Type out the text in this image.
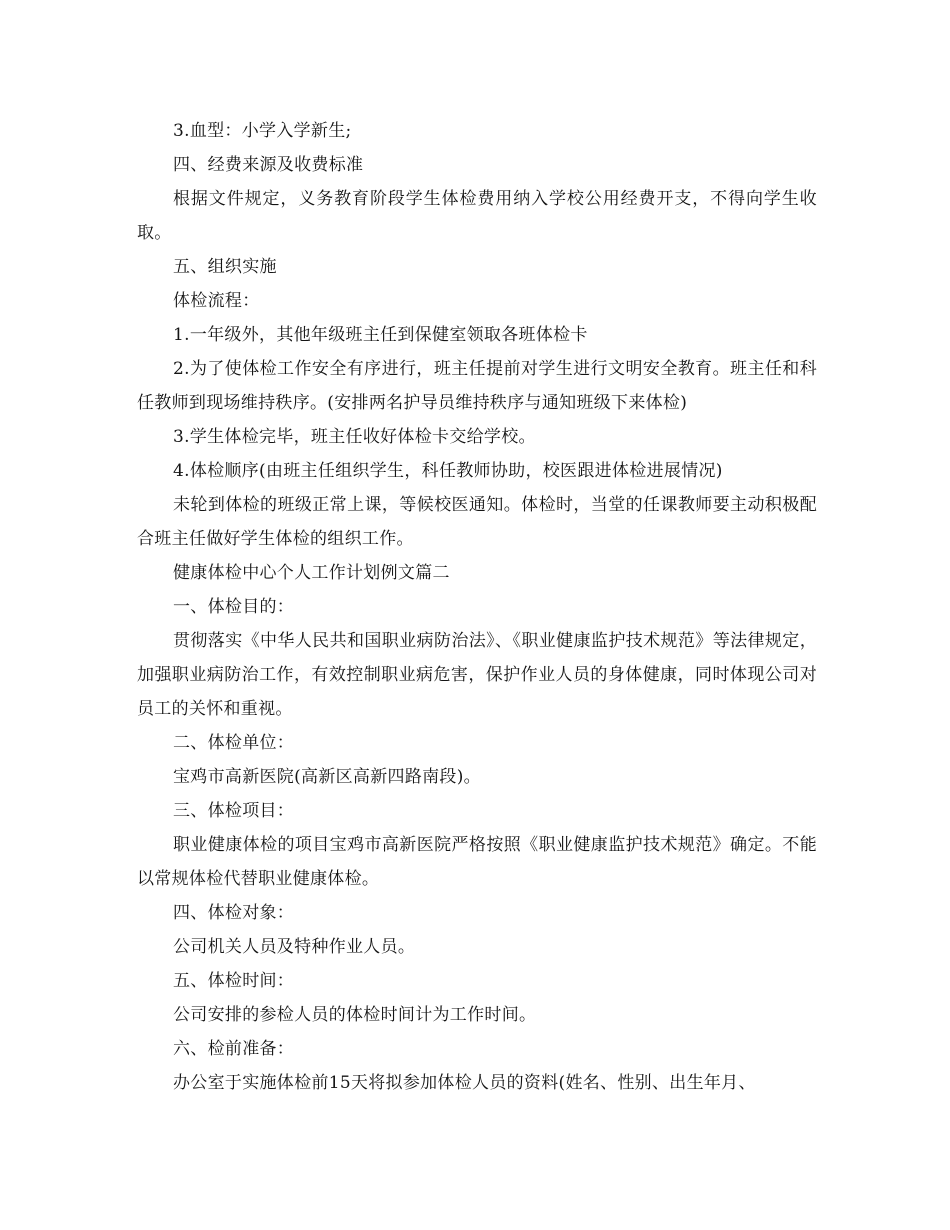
3.血型：小学入学新生;

四、经费来源及收费标准

根据文件规定，义务教育阶段学生体检费用纳入学校公用经费开支，不得向学生收取。

五、组织实施

体检流程：

1.一年级外，其他年级班主任到保健室领取各班体检卡

2.为了使体检工作安全有序进行，班主任提前对学生进行文明安全教育。班主任和科任教师到现场维持秩序。(安排两名护导员维持秩序与通知班级下来体检)

3.学生体检完毕，班主任收好体检卡交给学校。

4.体检顺序(由班主任组织学生，科任教师协助，校医跟进体检进展情况)

未轮到体检的班级正常上课，等候校医通知。体检时，当堂的任课教师要主动积极配合班主任做好学生体检的组织工作。

健康体检中心个人工作计划例文篇二

一、体检目的：

贯彻落实《中华人民共和国职业病防治法》、《职业健康监护技术规范》等法律规定，加强职业病防治工作，有效控制职业病危害，保护作业人员的身体健康，同时体现公司对员工的关怀和重视。

二、体检单位：

宝鸡市高新医院(高新区高新四路南段)。

三、体检项目：

职业健康体检的项目宝鸡市高新医院严格按照《职业健康监护技术规范》确定。不能以常规体检代替职业健康体检。

四、体检对象：

公司机关人员及特种作业人员。

五、体检时间：

公司安排的参检人员的体检时间计为工作时间。

六、检前准备：

办公室于实施体检前15天将拟参加体检人员的资料(姓名、性别、出生年月、
